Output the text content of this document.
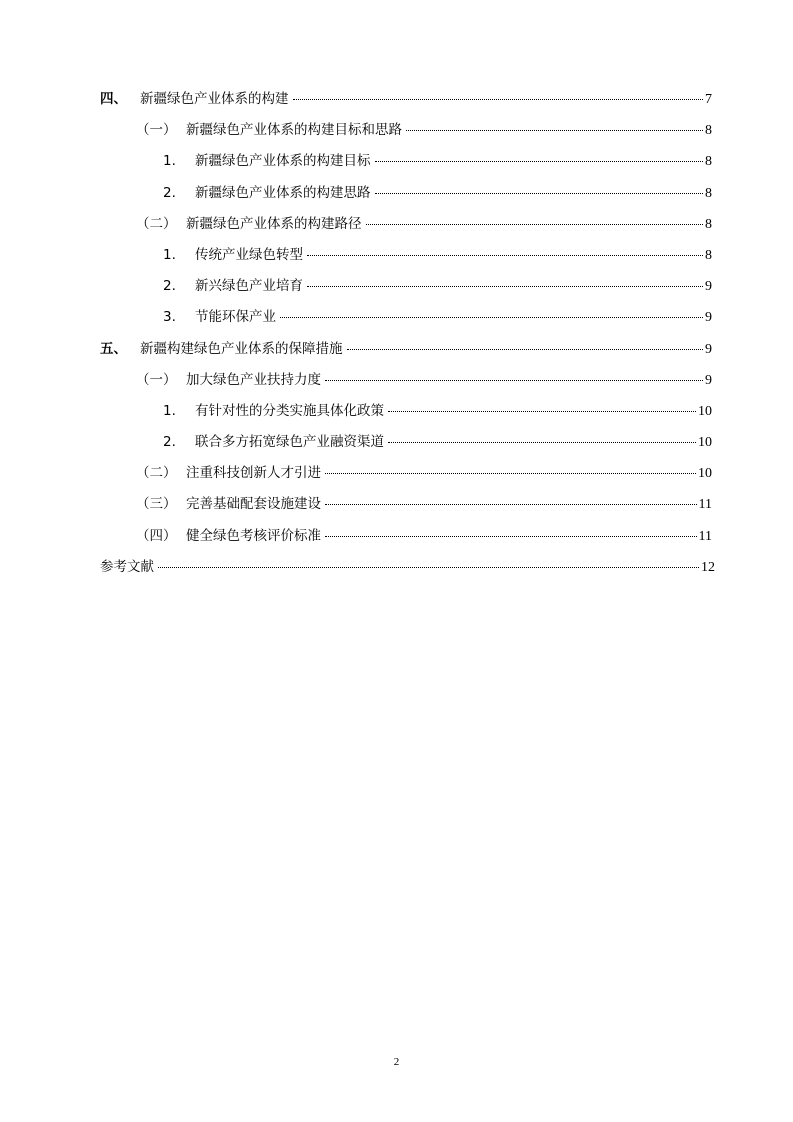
四、 新疆绿色产业体系的构建	7
（一） 新疆绿色产业体系的构建目标和思路	8
1.	新疆绿色产业体系的构建目标	8
2.	新疆绿色产业体系的构建思路	8
（二） 新疆绿色产业体系的构建路径	8
1.	传统产业绿色转型	8
2.	新兴绿色产业培育	9
3.	节能环保产业	9
五、 新疆构建绿色产业体系的保障措施	9
（一） 加大绿色产业扶持力度	9
1.	有针对性的分类实施具体化政策	10
2.	联合多方拓宽绿色产业融资渠道	10
（二） 注重科技创新人才引进	10
（三） 完善基础配套设施建设	11
（四） 健全绿色考核评价标准	11
参考文献	12
2
